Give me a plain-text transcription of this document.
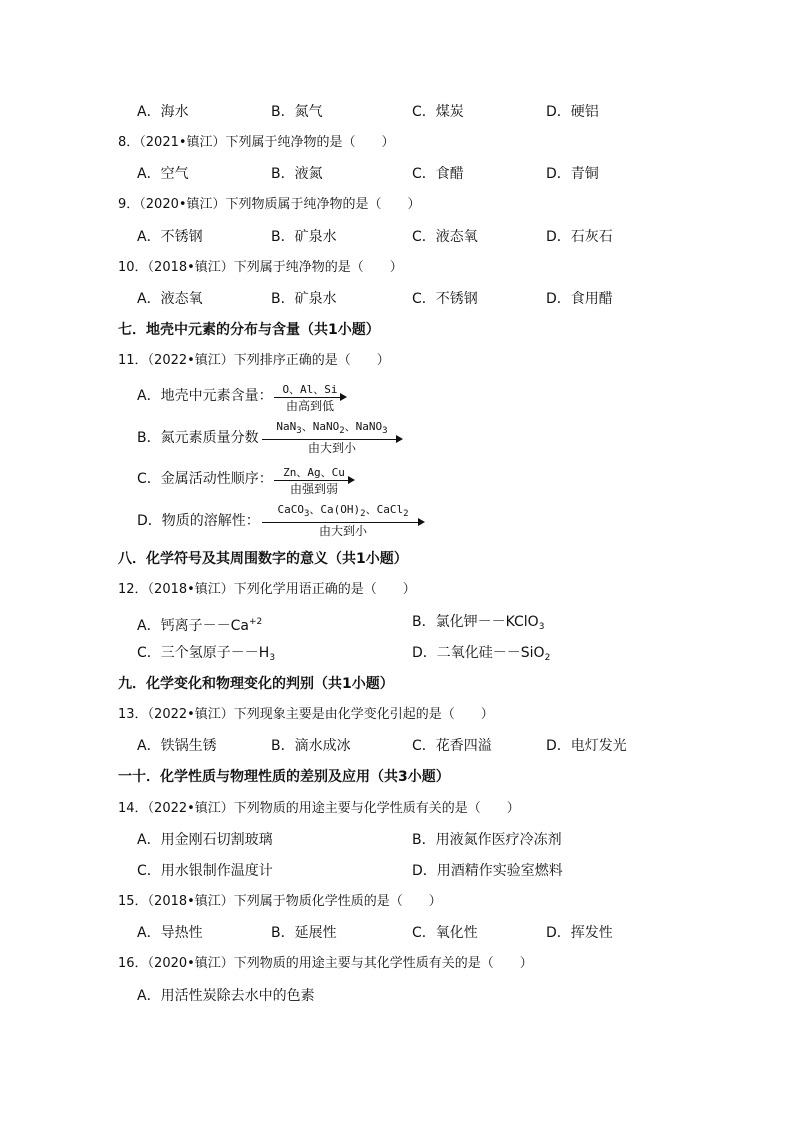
A．海水	B．氮气	C．煤炭	D．硬铝
8．（2021•镇江）下列属于纯净物的是（　　）
A．空气	B．液氮	C．食醋	D．青铜
9．（2020•镇江）下列物质属于纯净物的是（　　）
A．不锈钢	B．矿泉水	C．液态氧	D．石灰石
10．（2018•镇江）下列属于纯净物的是（　　）
A．液态氧	B．矿泉水	C．不锈钢	D．食用醋
七．地壳中元素的分布与含量（共1小题）
11．（2022•镇江）下列排序正确的是（　　）
A．地壳中元素含量： O、Al、Si
由高到低
B．氮元素质量分数
NaN$_3$、NaNO$_2$、NaNO$_3$
由大到小
C．金属活动性顺序： Zn、Ag、Cu
由强到弱
D．物质的溶解性：
CaCO$_3$、$Ca(OH)_2$、CaCl$_2$
由大到小
八．化学符号及其周围数字的意义（共1小题）
12．（2018•镇江）下列化学用语正确的是（　　）
A．钙离子$--Ca^{+2}$	B．氯化钾－－KClO$_3$
C．三个氢原子$--H_3$	D．二氧化硅－－SiO$_2$
九．化学变化和物理变化的判别（共1小题）
13．（2022•镇江）下列现象主要是由化学变化引起的是（　　）
A．铁锅生锈	B．滴水成冰	C．花香四溢	D．电灯发光
一十．化学性质与物理性质的差别及应用（共3小题）
14．（2022•镇江）下列物质的用途主要与化学性质有关的是（　　）
A．用金刚石切割玻璃	B．用液氮作医疗冷冻剂
C．用水银制作温度计	D．用酒精作实验室燃料
15．（2018•镇江）下列属于物质化学性质的是（　　）
A．导热性	B．延展性	C．氧化性	D．挥发性
16．（2020•镇江）下列物质的用途主要与其化学性质有关的是（　　）
A．用活性炭除去水中的色素
